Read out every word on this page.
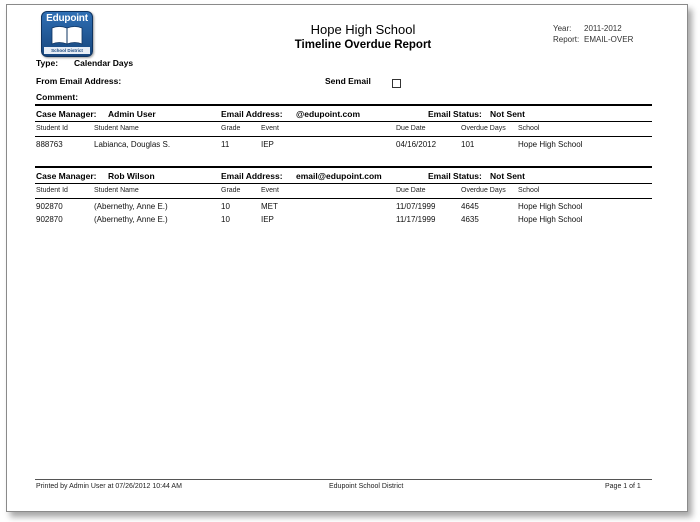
Edupoint
School District
Hope High School
Timeline Overdue Report
Year: 2011-2012
Report: EMAIL-OVER
Type: Calendar Days
From Email Address:	Send Email
Comment:
Case Manager: Admin User	Email Address: @edupoint.com	Email Status: Not Sent
Student Id	Student Name	Grade	Event	Due Date	Overdue Days School
888763	Labianca, Douglas S.	11	IEP	04/16/2012	101	Hope High School
Case Manager: Rob Wilson	Email Address: email@edupoint.com	Email Status: Not Sent
Student Id	Student Name	Grade	Event	Due Date	Overdue Days School
902870	(Abernethy, Anne E.)	10	MET	11/07/1999	4645	Hope High School
902870	(Abernethy, Anne E.)	10	IEP	11/17/1999	4635	Hope High School
Printed by Admin User at 07/26/2012 10:44 AM	Edupoint School District	Page 1 of 1
